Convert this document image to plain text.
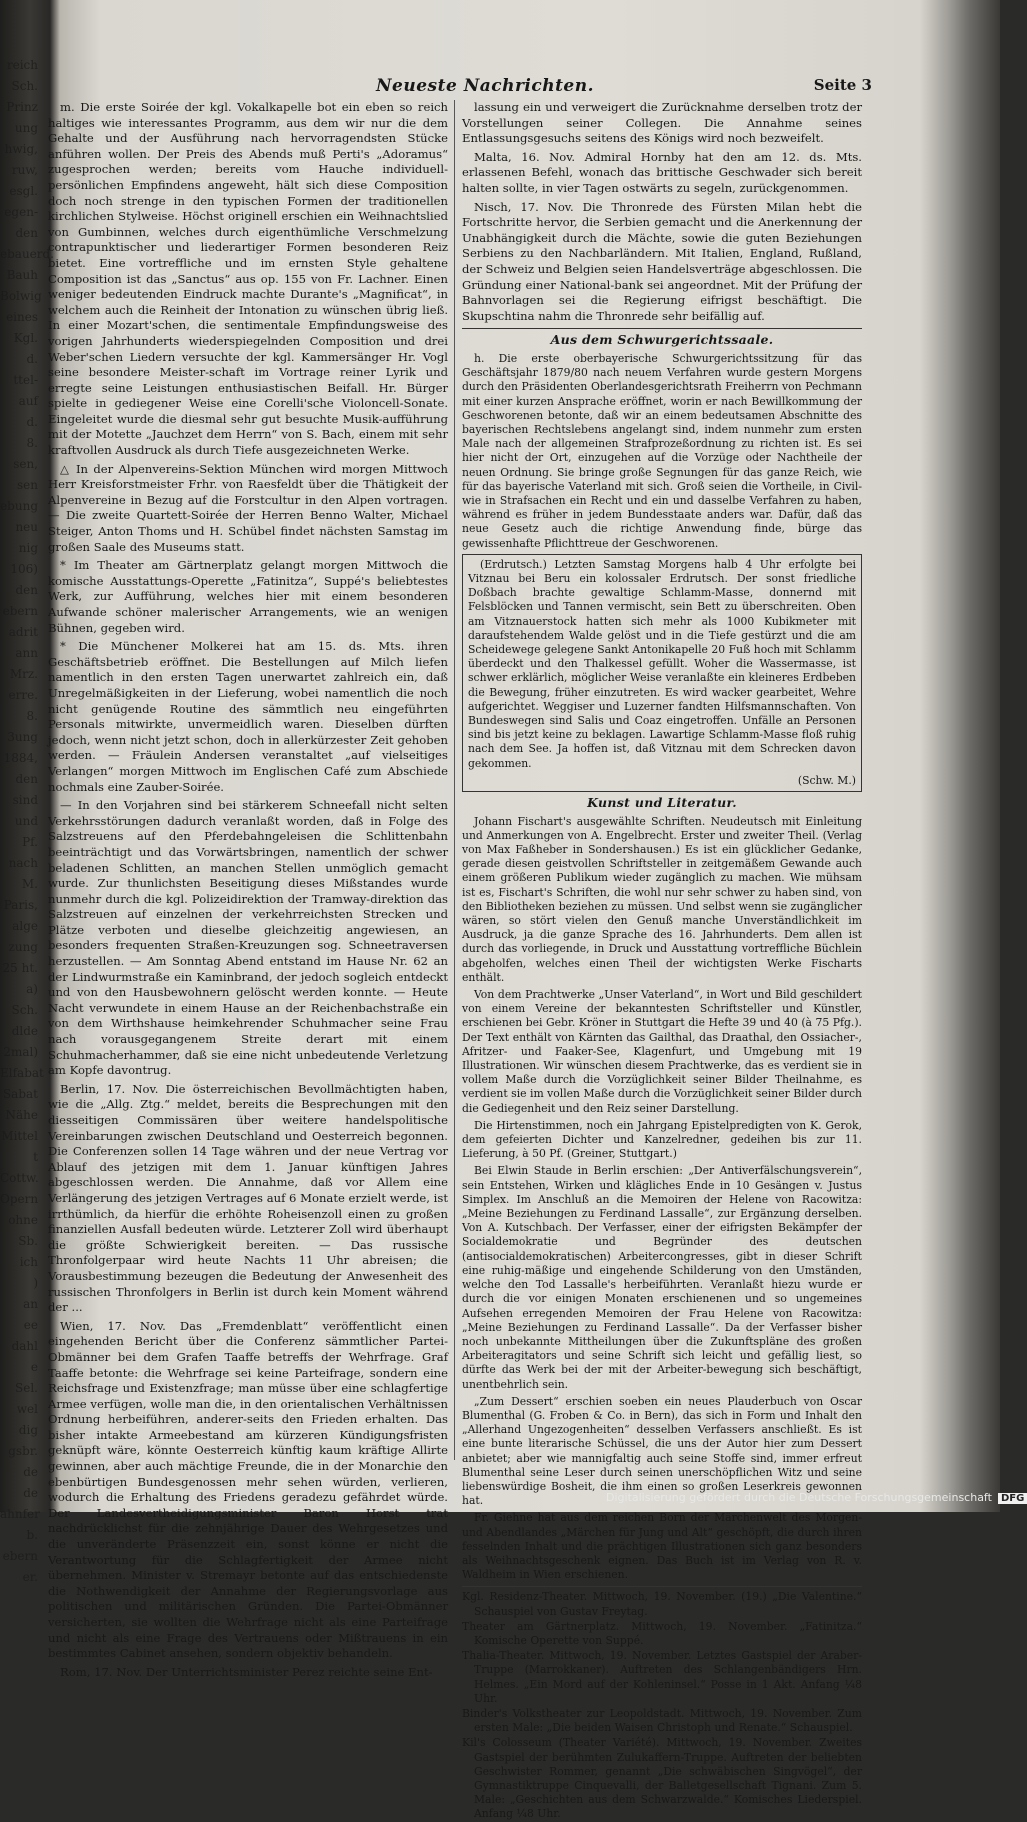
reich
Sch.
Prinz
ung
hwig,
ruw,
esgl.
egen-
den
ebauerd.
Bauh
Bolwig
eines
Kgl.
d.
ttel-
auf
d.
8.
sen,
sen
ebung
neu
nig
106)
den
ebern
adrit
ann
Mrz.
erre.
8.
3ung
1884,
den
sind
und
Pf.
nach
M.
Paris,
alge
zung
25 ht.
a)
Sch.
dlde
2mal)
Elfabat
Sabat
Nähe
Mittel
t
Cottw.
Opern
ohne
Sb.
ich
)
an
ee
dahl
e
Sel.
wel
dig
gsbr.
de
de
ahnfer
b.
ebern
er.
Neueste Nachrichten.	Seite 3
m. Die erste Soirée der kgl. Vokalkapelle bot ein eben so reich haltiges wie interessantes Programm, aus dem wir nur die dem Gehalte und der Ausführung nach hervorragendsten Stücke anführen wollen. Der Preis des Abends muß Perti's „Adoramus“ zugesprochen werden; bereits vom Hauche individuell-persönlichen Empfindens angeweht, hält sich diese Composition doch noch strenge in den typischen Formen der traditionellen kirchlichen Stylweise. Höchst originell erschien ein Weihnachtslied von Gumbinnen, welches durch eigenthümliche Verschmelzung contrapunktischer und liederartiger Formen besonderen Reiz bietet. Eine vortreffliche und im ernsten Style gehaltene Composition ist das „Sanctus“ aus op. 155 von Fr. Lachner. Einen weniger bedeutenden Eindruck machte Durante's „Magnificat“, in welchem auch die Reinheit der Intonation zu wünschen übrig ließ. In einer Mozart'schen, die sentimentale Empfindungsweise des vorigen Jahrhunderts wiederspiegelnden Composition und drei Weber'schen Liedern versuchte der kgl. Kammersänger Hr. Vogl seine besondere Meister-schaft im Vortrage reiner Lyrik und erregte seine Leistungen enthusiastischen Beifall. Hr. Bürger spielte in gediegener Weise eine Corelli'sche Violoncell-Sonate. Eingeleitet wurde die diesmal sehr gut besuchte Musik-aufführung mit der Motette „Jauchzet dem Herrn“ von S. Bach, einem mit sehr kraftvollen Ausdruck als durch Tiefe ausgezeichneten Werke.
△ In der Alpenvereins-Sektion München wird morgen Mittwoch Herr Kreisforstmeister Frhr. von Raesfeldt über die Thätigkeit der Alpenvereine in Bezug auf die Forstcultur in den Alpen vortragen. — Die zweite Quartett-Soirée der Herren Benno Walter, Michael Steiger, Anton Thoms und H. Schübel findet nächsten Samstag im großen Saale des Museums statt.
* Im Theater am Gärtnerplatz gelangt morgen Mittwoch die komische Ausstattungs-Operette „Fatinitza“, Suppé's beliebtestes Werk, zur Aufführung, welches hier mit einem besonderen Aufwande schöner malerischer Arrangements, wie an wenigen Bühnen, gegeben wird.
* Die Münchener Molkerei hat am 15. ds. Mts. ihren Geschäftsbetrieb eröffnet. Die Bestellungen auf Milch liefen namentlich in den ersten Tagen unerwartet zahlreich ein, daß Unregelmäßigkeiten in der Lieferung, wobei namentlich die noch nicht genügende Routine des sämmtlich neu eingeführten Personals mitwirkte, unvermeidlich waren. Dieselben dürften jedoch, wenn nicht jetzt schon, doch in allerkürzester Zeit gehoben werden. — Fräulein Andersen veranstaltet „auf vielseitiges Verlangen“ morgen Mittwoch im Englischen Café zum Abschiede nochmals eine Zauber-Soirée.
— In den Vorjahren sind bei stärkerem Schneefall nicht selten Verkehrsstörungen dadurch veranlaßt worden, daß in Folge des Salzstreuens auf den Pferdebahngeleisen die Schlittenbahn beeinträchtigt und das Vorwärtsbringen, namentlich der schwer beladenen Schlitten, an manchen Stellen unmöglich gemacht wurde. Zur thunlichsten Beseitigung dieses Mißstandes wurde nunmehr durch die kgl. Polizeidirektion der Tramway-direktion das Salzstreuen auf einzelnen der verkehrreichsten Strecken und Plätze verboten und dieselbe gleichzeitig angewiesen, an besonders frequenten Straßen-Kreuzungen sog. Schneetraversen herzustellen. — Am Sonntag Abend entstand im Hause Nr. 62 an der Lindwurmstraße ein Kaminbrand, der jedoch sogleich entdeckt und von den Hausbewohnern gelöscht werden konnte. — Heute Nacht verwundete in einem Hause an der Reichenbachstraße ein von dem Wirthshause heimkehrender Schuhmacher seine Frau nach vorausgegangenem Streite derart mit einem Schuhmacherhammer, daß sie eine nicht unbedeutende Verletzung am Kopfe davontrug.
Berlin, 17. Nov. Die österreichischen Bevollmächtigten haben, wie die „Allg. Ztg.“ meldet, bereits die Besprechungen mit den diesseitigen Commissären über weitere handelspolitische Vereinbarungen zwischen Deutschland und Oesterreich begonnen. Die Conferenzen sollen 14 Tage währen und der neue Vertrag vor Ablauf des jetzigen mit dem 1. Januar künftigen Jahres abgeschlossen werden. Die Annahme, daß vor Allem eine Verlängerung des jetzigen Vertrages auf 6 Monate erzielt werde, ist irrthümlich, da hierfür die erhöhte Roheisenzoll einen zu großen finanziellen Ausfall bedeuten würde. Letzterer Zoll wird überhaupt die größte Schwierigkeit bereiten. — Das russische Thronfolgerpaar wird heute Nachts 11 Uhr abreisen; die Vorausbestimmung bezeugen die Bedeutung der Anwesenheit des russischen Thronfolgers in Berlin ist durch kein Moment während der ...
Wien, 17. Nov. Das „Fremdenblatt“ veröffentlicht einen eingehenden Bericht über die Conferenz sämmtlicher Partei-Obmänner bei dem Grafen Taaffe betreffs der Wehrfrage. Graf Taaffe betonte: die Wehrfrage sei keine Parteifrage, sondern eine Reichsfrage und Existenzfrage; man müsse über eine schlagfertige Armee verfügen, wolle man die, in den orientalischen Verhältnissen Ordnung herbeiführen, anderer-seits den Frieden erhalten. Das bisher intakte Armeebestand am kürzeren Kündigungsfristen geknüpft wäre, könnte Oesterreich künftig kaum kräftige Allirte gewinnen, aber auch mächtige Freunde, die in der Monarchie den ebenbürtigen Bundesgenossen mehr sehen würden, verlieren, wodurch die Erhaltung des Friedens geradezu gefährdet würde. Der Landesvertheidigungsminister Baron Horst trat nachdrücklichst für die zehnjährige Dauer des Wehrgesetzes und die unveränderte Präsenzzeit ein, sonst könne er nicht die Verantwortung für die Schlagfertigkeit der Armee nicht übernehmen. Minister v. Stremayr betonte auf das entschiedenste die Nothwendigkeit der Annahme der Regierungsvorlage aus politischen und militärischen Gründen. Die Partei-Obmänner versicherten, sie wollten die Wehrfrage nicht als eine Parteifrage und nicht als eine Frage des Vertrauens oder Mißtrauens in ein bestimmtes Cabinet ansehen, sondern objektiv behandeln.
Rom, 17. Nov. Der Unterrichtsminister Perez reichte seine Ent-
lassung ein und verweigert die Zurücknahme derselben trotz der Vorstellungen seiner Collegen. Die Annahme seines Entlassungsgesuchs seitens des Königs wird noch bezweifelt.
Malta, 16. Nov. Admiral Hornby hat den am 12. ds. Mts. erlassenen Befehl, wonach das brittische Geschwader sich bereit halten sollte, in vier Tagen ostwärts zu segeln, zurückgenommen.
Nisch, 17. Nov. Die Thronrede des Fürsten Milan hebt die Fortschritte hervor, die Serbien gemacht und die Anerkennung der Unabhängigkeit durch die Mächte, sowie die guten Beziehungen Serbiens zu den Nachbarländern. Mit Italien, England, Rußland, der Schweiz und Belgien seien Handelsverträge abgeschlossen. Die Gründung einer National-bank sei angeordnet. Mit der Prüfung der Bahnvorlagen sei die Regierung eifrigst beschäftigt. Die Skupschtina nahm die Thronrede sehr beifällig auf.
Aus dem Schwurgerichtssaale.
h. Die erste oberbayerische Schwurgerichtssitzung für das Geschäftsjahr 1879/80 nach neuem Verfahren wurde gestern Morgens durch den Präsidenten Oberlandesgerichtsrath Freiherrn von Pechmann mit einer kurzen Ansprache eröffnet, worin er nach Bewillkommung der Geschworenen betonte, daß wir an einem bedeutsamen Abschnitte des bayerischen Rechtslebens angelangt sind, indem nunmehr zum ersten Male nach der allgemeinen Strafprozeßordnung zu richten ist. Es sei hier nicht der Ort, einzugehen auf die Vorzüge oder Nachtheile der neuen Ordnung. Sie bringe große Segnungen für das ganze Reich, wie für das bayerische Vaterland mit sich. Groß seien die Vortheile, in Civil- wie in Strafsachen ein Recht und ein und dasselbe Verfahren zu haben, während es früher in jedem Bundesstaate anders war. Dafür, daß das neue Gesetz auch die richtige Anwendung finde, bürge das gewissenhafte Pflichttreue der Geschworenen.
(Erdrutsch.) Letzten Samstag Morgens halb 4 Uhr erfolgte bei Vitznau bei Beru ein kolossaler Erdrutsch. Der sonst friedliche Doßbach brachte gewaltige Schlamm-Masse, donnernd mit Felsblöcken und Tannen vermischt, sein Bett zu überschreiten. Oben am Vitznauerstock hatten sich mehr als 1000 Kubikmeter mit daraufstehendem Walde gelöst und in die Tiefe gestürzt und die am Scheidewege gelegene Sankt Antonikapelle 20 Fuß hoch mit Schlamm überdeckt und den Thalkessel gefüllt. Woher die Wassermasse, ist schwer erklärlich, möglicher Weise veranlaßte ein kleineres Erdbeben die Bewegung, früher einzutreten. Es wird wacker gearbeitet, Wehre aufgerichtet. Weggiser und Luzerner fandten Hilfsmannschaften. Von Bundeswegen sind Salis und Coaz eingetroffen. Unfälle an Personen sind bis jetzt keine zu beklagen. Lawartige Schlamm-Masse floß ruhig nach dem See. Ja hoffen ist, daß Vitznau mit dem Schrecken davon gekommen.
(Schw. M.)
Kunst und Literatur.
Johann Fischart's ausgewählte Schriften. Neudeutsch mit Einleitung und Anmerkungen von A. Engelbrecht. Erster und zweiter Theil. (Verlag von Max Faßheber in Sondershausen.) Es ist ein glücklicher Gedanke, gerade diesen geistvollen Schriftsteller in zeitgemäßem Gewande auch einem größeren Publikum wieder zugänglich zu machen. Wie mühsam ist es, Fischart's Schriften, die wohl nur sehr schwer zu haben sind, von den Bibliotheken beziehen zu müssen. Und selbst wenn sie zugänglicher wären, so stört vielen den Genuß manche Unverständlichkeit im Ausdruck, ja die ganze Sprache des 16. Jahrhunderts. Dem allen ist durch das vorliegende, in Druck und Ausstattung vortreffliche Büchlein abgeholfen, welches einen Theil der wichtigsten Werke Fischarts enthält.
Von dem Prachtwerke „Unser Vaterland“, in Wort und Bild geschildert von einem Vereine der bekanntesten Schriftsteller und Künstler, erschienen bei Gebr. Kröner in Stuttgart die Hefte 39 und 40 (à 75 Pfg.). Der Text enthält von Kärnten das Gailthal, das Draathal, den Ossiacher-, Afritzer- und Faaker-See, Klagenfurt, und Umgebung mit 19 Illustrationen. Wir wünschen diesem Prachtwerke, das es verdient sie in vollem Maße durch die Vorzüglichkeit seiner Bilder Theilnahme, es verdient sie im vollen Maße durch die Vorzüglichkeit seiner Bilder durch die Gediegenheit und den Reiz seiner Darstellung.
Die Hirtenstimmen, noch ein Jahrgang Epistelpredigten von K. Gerok, dem gefeierten Dichter und Kanzelredner, gedeihen bis zur 11. Lieferung, à 50 Pf. (Greiner, Stuttgart.)
Bei Elwin Staude in Berlin erschien: „Der Antiverfälschungsverein“, sein Entstehen, Wirken und klägliches Ende in 10 Gesängen v. Justus Simplex. Im Anschluß an die Memoiren der Helene von Racowitza: „Meine Beziehungen zu Ferdinand Lassalle“, zur Ergänzung derselben. Von A. Kutschbach. Der Verfasser, einer der eifrigsten Bekämpfer der Socialdemokratie und Begründer des deutschen (antisocialdemokratischen) Arbeitercongresses, gibt in dieser Schrift eine ruhig-mäßige und eingehende Schilderung von den Umständen, welche den Tod Lassalle's herbeiführten. Veranlaßt hiezu wurde er durch die vor einigen Monaten erschienenen und so ungemeines Aufsehen erregenden Memoiren der Frau Helene von Racowitza: „Meine Beziehungen zu Ferdinand Lassalle“. Da der Verfasser bisher noch unbekannte Mittheilungen über die Zukunftspläne des großen Arbeiteragitators und seine Schrift sich leicht und gefällig liest, so dürfte das Werk bei der mit der Arbeiter-bewegung sich beschäftigt, unentbehrlich sein.
„Zum Dessert“ erschien soeben ein neues Plauderbuch von Oscar Blumenthal (G. Froben & Co. in Bern), das sich in Form und Inhalt den „Allerhand Ungezogenheiten“ desselben Verfassers anschließt. Es ist eine bunte literarische Schüssel, die uns der Autor hier zum Dessert anbietet; aber wie mannigfaltig auch seine Stoffe sind, immer erfreut Blumenthal seine Leser durch seinen unerschöpflichen Witz und seine liebenswürdige Bosheit, die ihm einen so großen Leserkreis gewonnen hat.
Fr. Giehne hat aus dem reichen Born der Märchenwelt des Morgen- und Abendlandes „Märchen für Jung und Alt“ geschöpft, die durch ihren fesselnden Inhalt und die prächtigen Illustrationen sich ganz besonders als Weihnachtsgeschenk eignen. Das Buch ist im Verlag von R. v. Waldheim in Wien erschienen.
Kgl. Residenz-Theater. Mittwoch, 19. November. (19.) „Die Valentine.“ Schauspiel von Gustav Freytag.
Theater am Gärtnerplatz. Mittwoch, 19. November. „Fatinitza.“ Komische Operette von Suppé.
Thalia-Theater. Mittwoch, 19. November. Letztes Gastspiel der Araber-Truppe (Marrokkaner). Auftreten des Schlangenbändigers Hrn. Helmes. „Ein Mord auf der Kohleninsel.“ Posse in 1 Akt. Anfang ¼8 Uhr.
Binder's Volkstheater zur Leopoldstadt. Mittwoch, 19. November. Zum ersten Male: „Die beiden Waisen Christoph und Renate.“ Schauspiel.
Kil's Colosseum (Theater Variété). Mittwoch, 19. November. Zweites Gastspiel der berühmten Zulukaffern-Truppe. Auftreten der beliebten Geschwister Rommer, genannt „Die schwäbischen Singvögel“, der Gymnastiktruppe Cinquevalli, der Balletgesellschaft Tignani. Zum 5. Male: „Geschichten aus dem Schwarzwalde.“ Komisches Liederspiel. Anfang ¼8 Uhr.
Digitalisierung gefördert durch die Deutsche Forschungsgemeinschaft DFG
